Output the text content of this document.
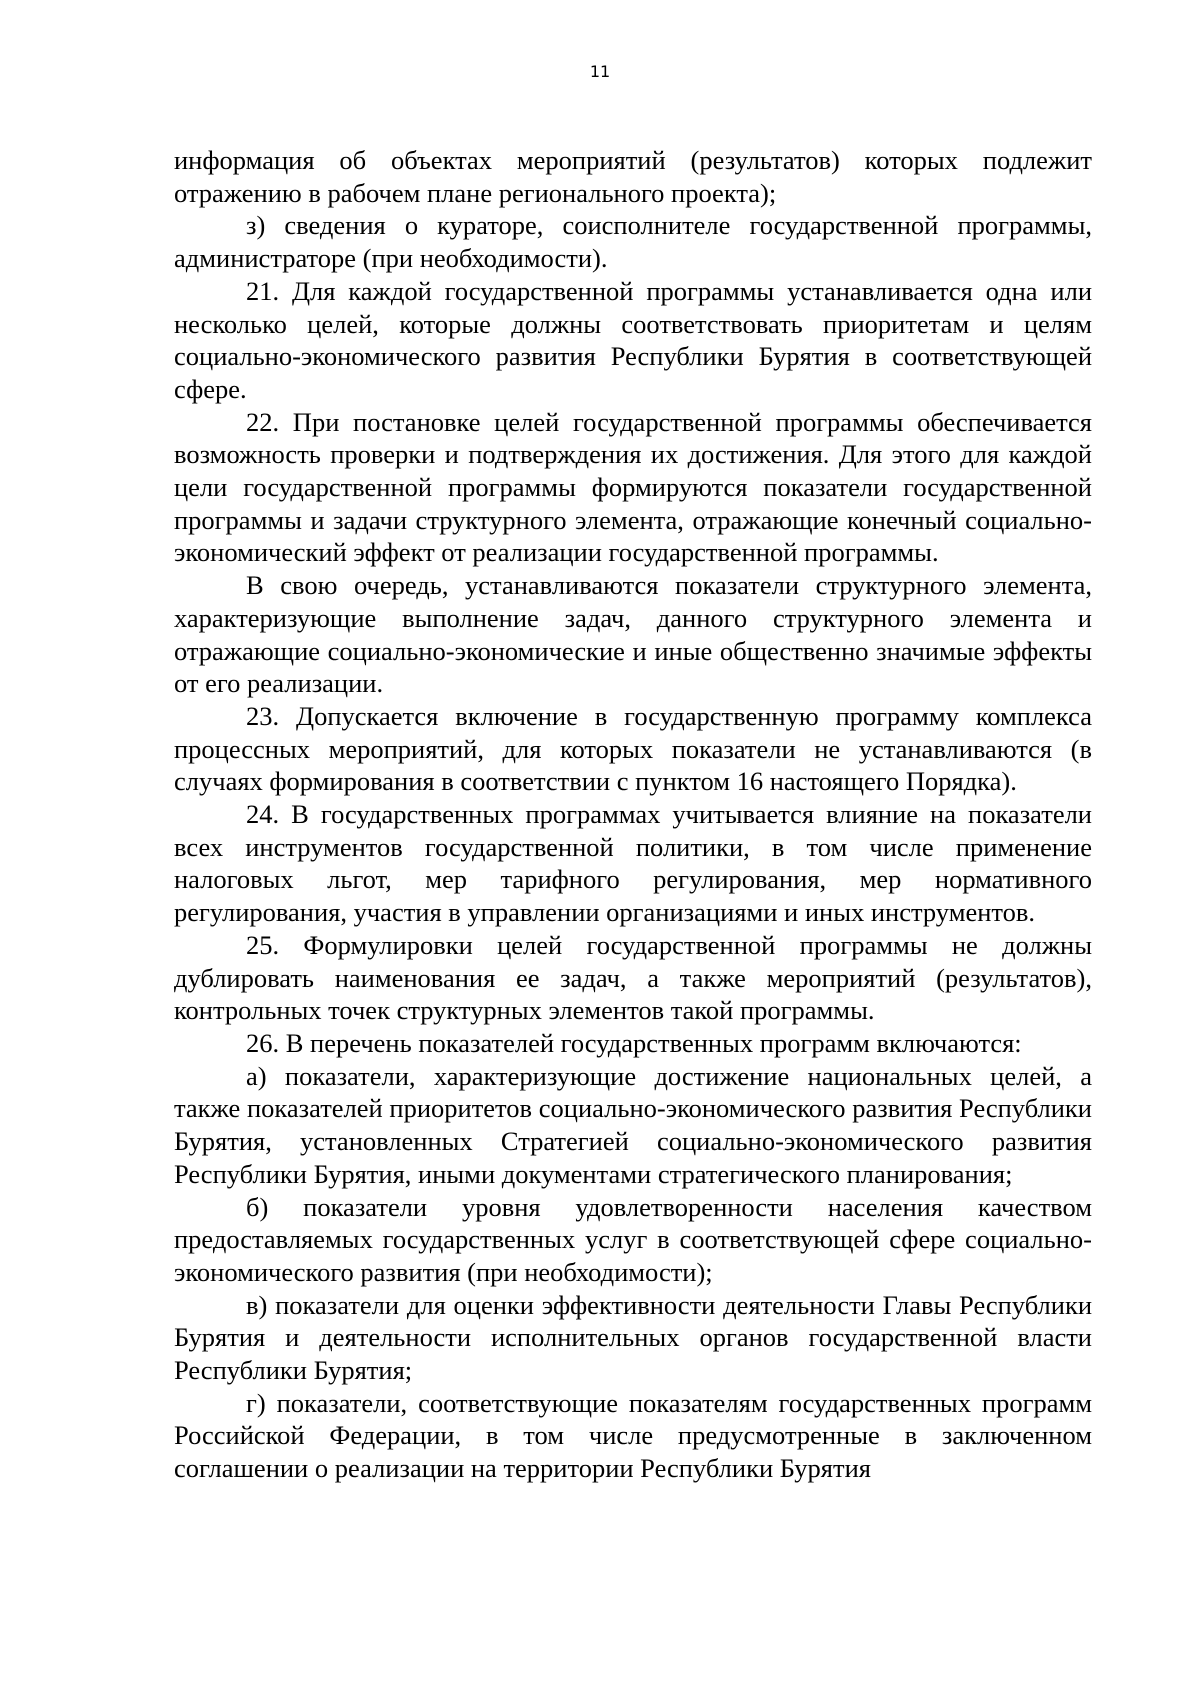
11

информация об объектах мероприятий (результатов) которых подлежит отражению в рабочем плане регионального проекта);

з) сведения о кураторе, соисполнителе государственной программы, администраторе (при необходимости).

21. Для каждой государственной программы устанавливается одна или несколько целей, которые должны соответствовать приоритетам и целям социально-экономического развития Республики Бурятия в соответствующей сфере.

22. При постановке целей государственной программы обеспечивается возможность проверки и подтверждения их достижения. Для этого для каждой цели государственной программы формируются показатели государственной программы и задачи структурного элемента, отражающие конечный социально-экономический эффект от реализации государственной программы.

В свою очередь, устанавливаются показатели структурного элемента, характеризующие выполнение задач, данного структурного элемента и отражающие социально-экономические и иные общественно значимые эффекты от его реализации.

23. Допускается включение в государственную программу комплекса процессных мероприятий, для которых показатели не устанавливаются (в случаях формирования в соответствии с пунктом 16 настоящего Порядка).

24. В государственных программах учитывается влияние на показатели всех инструментов государственной политики, в том числе применение налоговых льгот, мер тарифного регулирования, мер нормативного регулирования, участия в управлении организациями и иных инструментов.

25. Формулировки целей государственной программы не должны дублировать наименования ее задач, а также мероприятий (результатов), контрольных точек структурных элементов такой программы.

26. В перечень показателей государственных программ включаются:

а) показатели, характеризующие достижение национальных целей, а также показателей приоритетов социально-экономического развития Республики Бурятия, установленных Стратегией социально-экономического развития Республики Бурятия, иными документами стратегического планирования;

б) показатели уровня удовлетворенности населения качеством предоставляемых государственных услуг в соответствующей сфере социально-экономического развития (при необходимости);

в) показатели для оценки эффективности деятельности Главы Республики Бурятия и деятельности исполнительных органов государственной власти Республики Бурятия;

г) показатели, соответствующие показателям государственных программ Российской Федерации, в том числе предусмотренные в заключенном соглашении о реализации на территории Республики Бурятия
